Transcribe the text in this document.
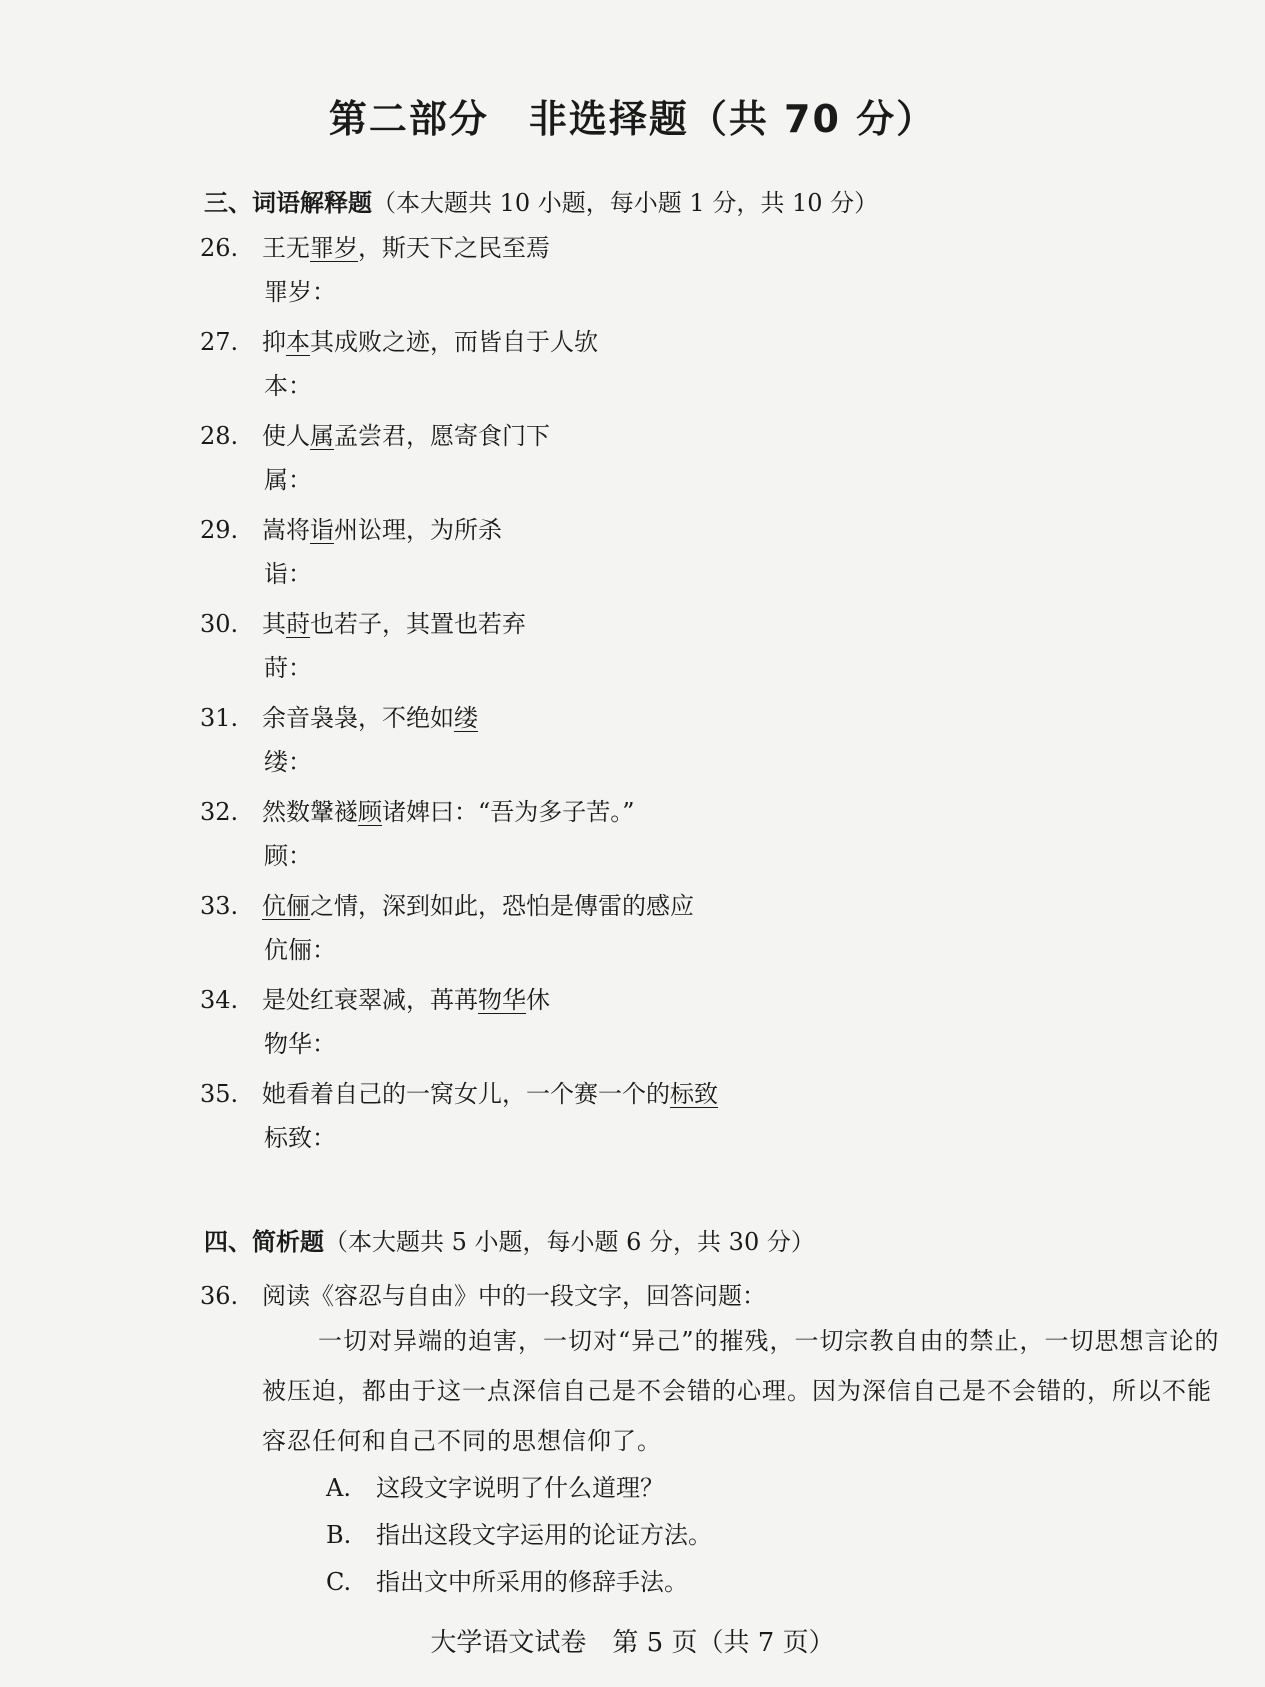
第二部分　非选择题（共 70 分）
三、词语解释题（本大题共 10 小题，每小题 1 分，共 10 分）
26. 王无罪岁，斯天下之民至焉
罪岁：
27. 抑本其成败之迹，而皆自于人欤
本：
28. 使人属孟尝君，愿寄食门下
属：
29. 嵩将诣州讼理，为所杀
诣：
30. 其莳也若子，其置也若弃
莳：
31. 余音袅袅，不绝如缕
缕：
32. 然数鞶襚顾诸婢曰：“吾为多子苦。”
顾：
33. 伉俪之情，深到如此，恐怕是傳雷的感应
伉俪：
34. 是处红衰翠减，苒苒物华休
物华：
35. 她看着自己的一窝女儿，一个赛一个的标致
标致：
四、简析题（本大题共 5 小题，每小题 6 分，共 30 分）
36. 阅读《容忍与自由》中的一段文字，回答问题：
一切对异端的迫害，一切对“异己”的摧残，一切宗教自由的禁止，一切思想言论的被压迫，都由于这一点深信自己是不会错的心理。因为深信自己是不会错的，所以不能容忍任何和自己不同的思想信仰了。
A. 这段文字说明了什么道理？
B. 指出这段文字运用的论证方法。
C. 指出文中所采用的修辞手法。
大学语文试卷　第 5 页（共 7 页）
